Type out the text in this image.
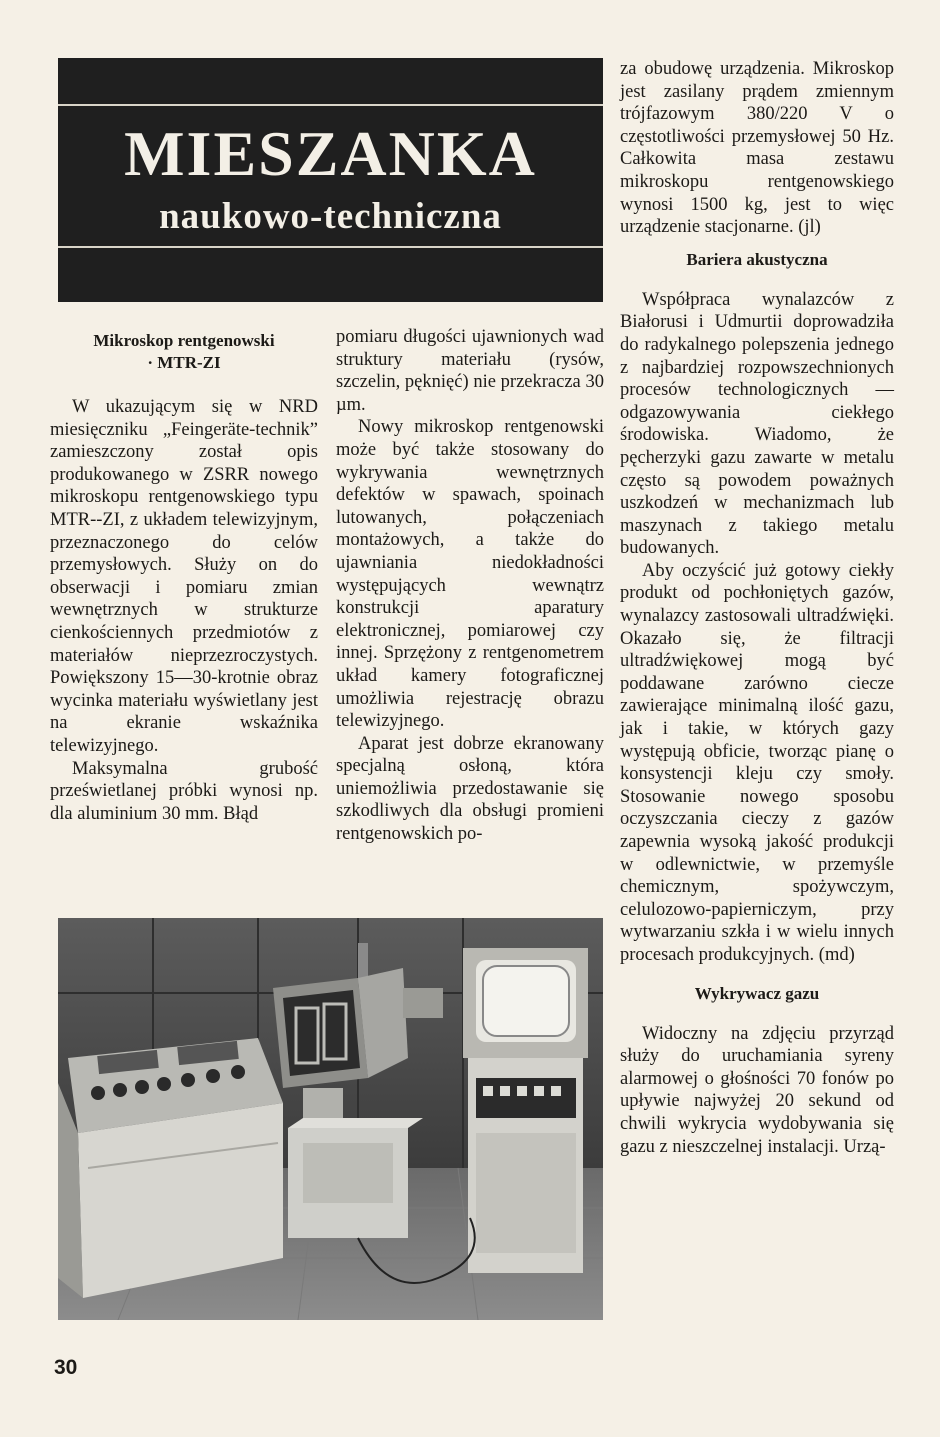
MIESZANKA
naukowo-techniczna
Mikroskop rentgenowski
· MTR-ZI

W ukazującym się w NRD miesięczniku „Feingeräte-technik” zamieszczony został opis produkowanego w ZSRR nowego mikroskopu rentgenowskiego typu MTR--ZI, z układem telewizyjnym, przeznaczonego do celów przemysłowych. Służy on do obserwacji i pomiaru zmian wewnętrznych w strukturze cienkościennych przedmiotów z materiałów nieprzezroczystych. Powiększony 15—30-krotnie obraz wycinka materiału wyświetlany jest na ekranie wskaźnika telewizyjnego.

Maksymalna grubość prześwietlanej próbki wynosi np. dla aluminium 30 mm. Błąd

pomiaru długości ujawnionych wad struktury materiału (rysów, szczelin, pęknięć) nie przekracza 30 µm.

Nowy mikroskop rentgenowski może być także stosowany do wykrywania wewnętrznych defektów w spawach, spoinach lutowanych, połączeniach montażowych, a także do ujawniania niedokładności występujących wewnątrz konstrukcji aparatury elektronicznej, pomiarowej czy innej. Sprzężony z rentgenometrem układ kamery fotograficznej umożliwia rejestrację obrazu telewizyjnego.

Aparat jest dobrze ekranowany specjalną osłoną, która uniemożliwia przedostawanie się szkodliwych dla obsługi promieni rentgenowskich po-

za obudowę urządzenia. Mikroskop jest zasilany prądem zmiennym trójfazowym 380/220 V o częstotliwości przemysłowej 50 Hz. Całkowita masa zestawu mikroskopu rentgenowskiego wynosi 1500 kg, jest to więc urządzenie stacjonarne. (jl)

Bariera akustyczna

Współpraca wynalazców z Białorusi i Udmurtii doprowadziła do radykalnego polepszenia jednego z najbardziej rozpowszechnionych procesów technologicznych — odgazowywania ciekłego środowiska. Wiadomo, że pęcherzyki gazu zawarte w metalu często są powodem poważnych uszkodzeń w mechanizmach lub maszynach z takiego metalu budowanych.

Aby oczyścić już gotowy ciekły produkt od pochłoniętych gazów, wynalazcy zastosowali ultradźwięki. Okazało się, że filtracji ultradźwiękowej mogą być poddawane zarówno ciecze zawierające minimalną ilość gazu, jak i takie, w których gazy występują obficie, tworząc pianę o konsystencji kleju czy smoły. Stosowanie nowego sposobu oczyszczania cieczy z gazów zapewnia wysoką jakość produkcji w odlewnictwie, w przemyśle chemicznym, spożywczym, celulozowo-papierniczym, przy wytwarzaniu szkła i w wielu innych procesach produkcyjnych. (md)

Wykrywacz gazu

Widoczny na zdjęciu przyrząd służy do uruchamiania syreny alarmowej o głośności 70 fonów po upływie najwyżej 20 sekund od chwili wykrycia wydobywania się gazu z nieszczelnej instalacji. Urzą-

30
